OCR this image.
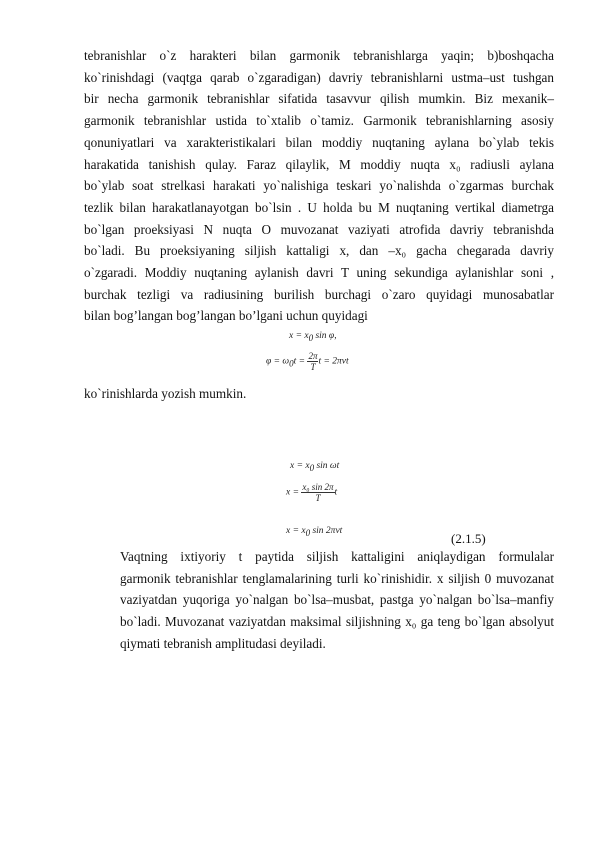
tebranishlar o`z harakteri bilan garmonik tebranishlarga yaqin; b)boshqacha
ko`rinishdagi (vaqtga qarab o`zgaradigan) davriy tebranishlarni ustma–ust tushgan
bir necha garmonik tebranishlar sifatida tasavvur qilish mumkin. Biz mexanik–
garmonik tebranishlar ustida to`xtalib o`tamiz. Garmonik tebranishlarning asosiy
qonuniyatlari va xarakteristikalari bilan moddiy nuqtaning aylana bo`ylab tekis
harakatida tanishish qulay. Faraz qilaylik, M moddiy nuqta x₀ radiusli aylana
bo`ylab soat strelkasi harakati yo`nalishiga teskari yo`nalishda o`zgarmas burchak
tezlik bilan harakatlanayotgan bo`lsin . U holda bu M nuqtaning vertikal diametrga
bo`lgan proeksiyasi N nuqta O muvozanat vaziyati atrofida davriy tebranishda
bo`ladi. Bu proeksiyaning siljish kattaligi x, dan –x₀ gacha chegarada davriy
o`zgaradi. Moddiy nuqtaning aylanish davri T uning sekundiga aylanishlar soni ,
burchak tezligi va radiusining burilish burchagi o`zaro quyidagi munosabatlar
bilan bog’langan bog’langan bo’lgani uchun quyidagi
$x = x_0$ sin φ,
$\varphi = \omega_0t = \frac{2\pi}{T}$ t = 2πνt
ko`rinishlarda yozish mumkin.
$x = x_0$ sin ωt
$x = \frac{\text{x₀ sin 2π}}{T}$ t
$x = x_0$ sin 2πνt	(2.1.5)
Vaqtning ixtiyoriy t paytida siljish kattaligini aniqlaydigan formulalar
garmonik tebranishlar tenglamalarining turli ko`rinishidir. x siljish 0 muvozanat
vaziyatdan yuqoriga yo`nalgan bo`lsa–musbat, pastga yo`nalgan bo`lsa–manfiy
bo`ladi. Muvozanat vaziyatdan maksimal siljishning x₀ ga teng bo`lgan absolyut
qiymati tebranish amplitudasi deyiladi.
